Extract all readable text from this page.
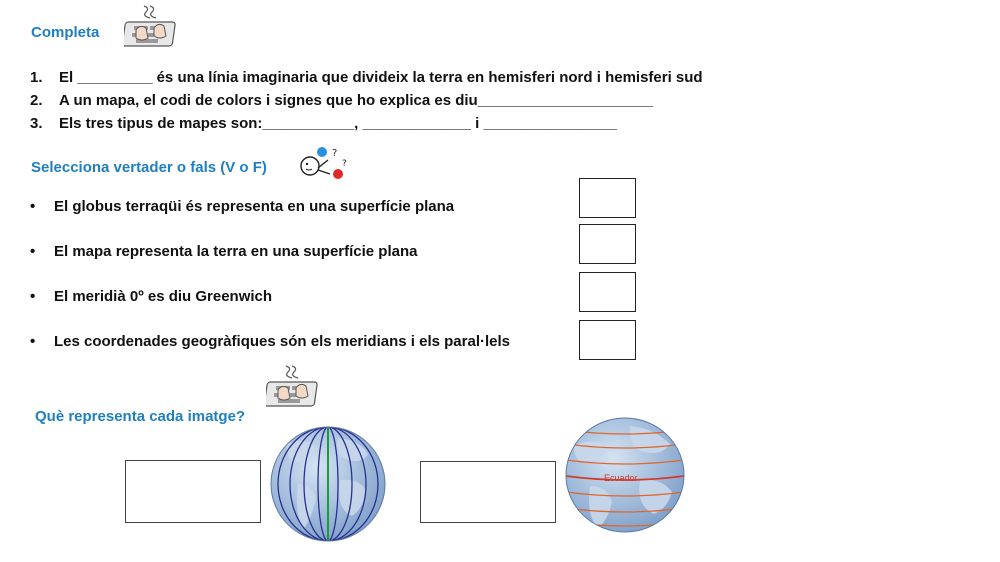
Completa
1. El _________ és una línia imaginaria que divideix la terra en hemisferi nord i hemisferi sud
2. A un mapa, el codi de colors i signes que ho explica es diu_____________________
3. Els tres tipus de mapes son:___________, _____________ i ________________
Selecciona vertader o fals (V o F)
?
?
• El globus terraqüi és representa en una superfície plana
• El mapa representa la terra en una superfície plana
• El meridià 0º es diu Greenwich
• Les coordenades geogràfiques són els meridians i els paral·lels
Què representa cada imatge?
Ecuador
